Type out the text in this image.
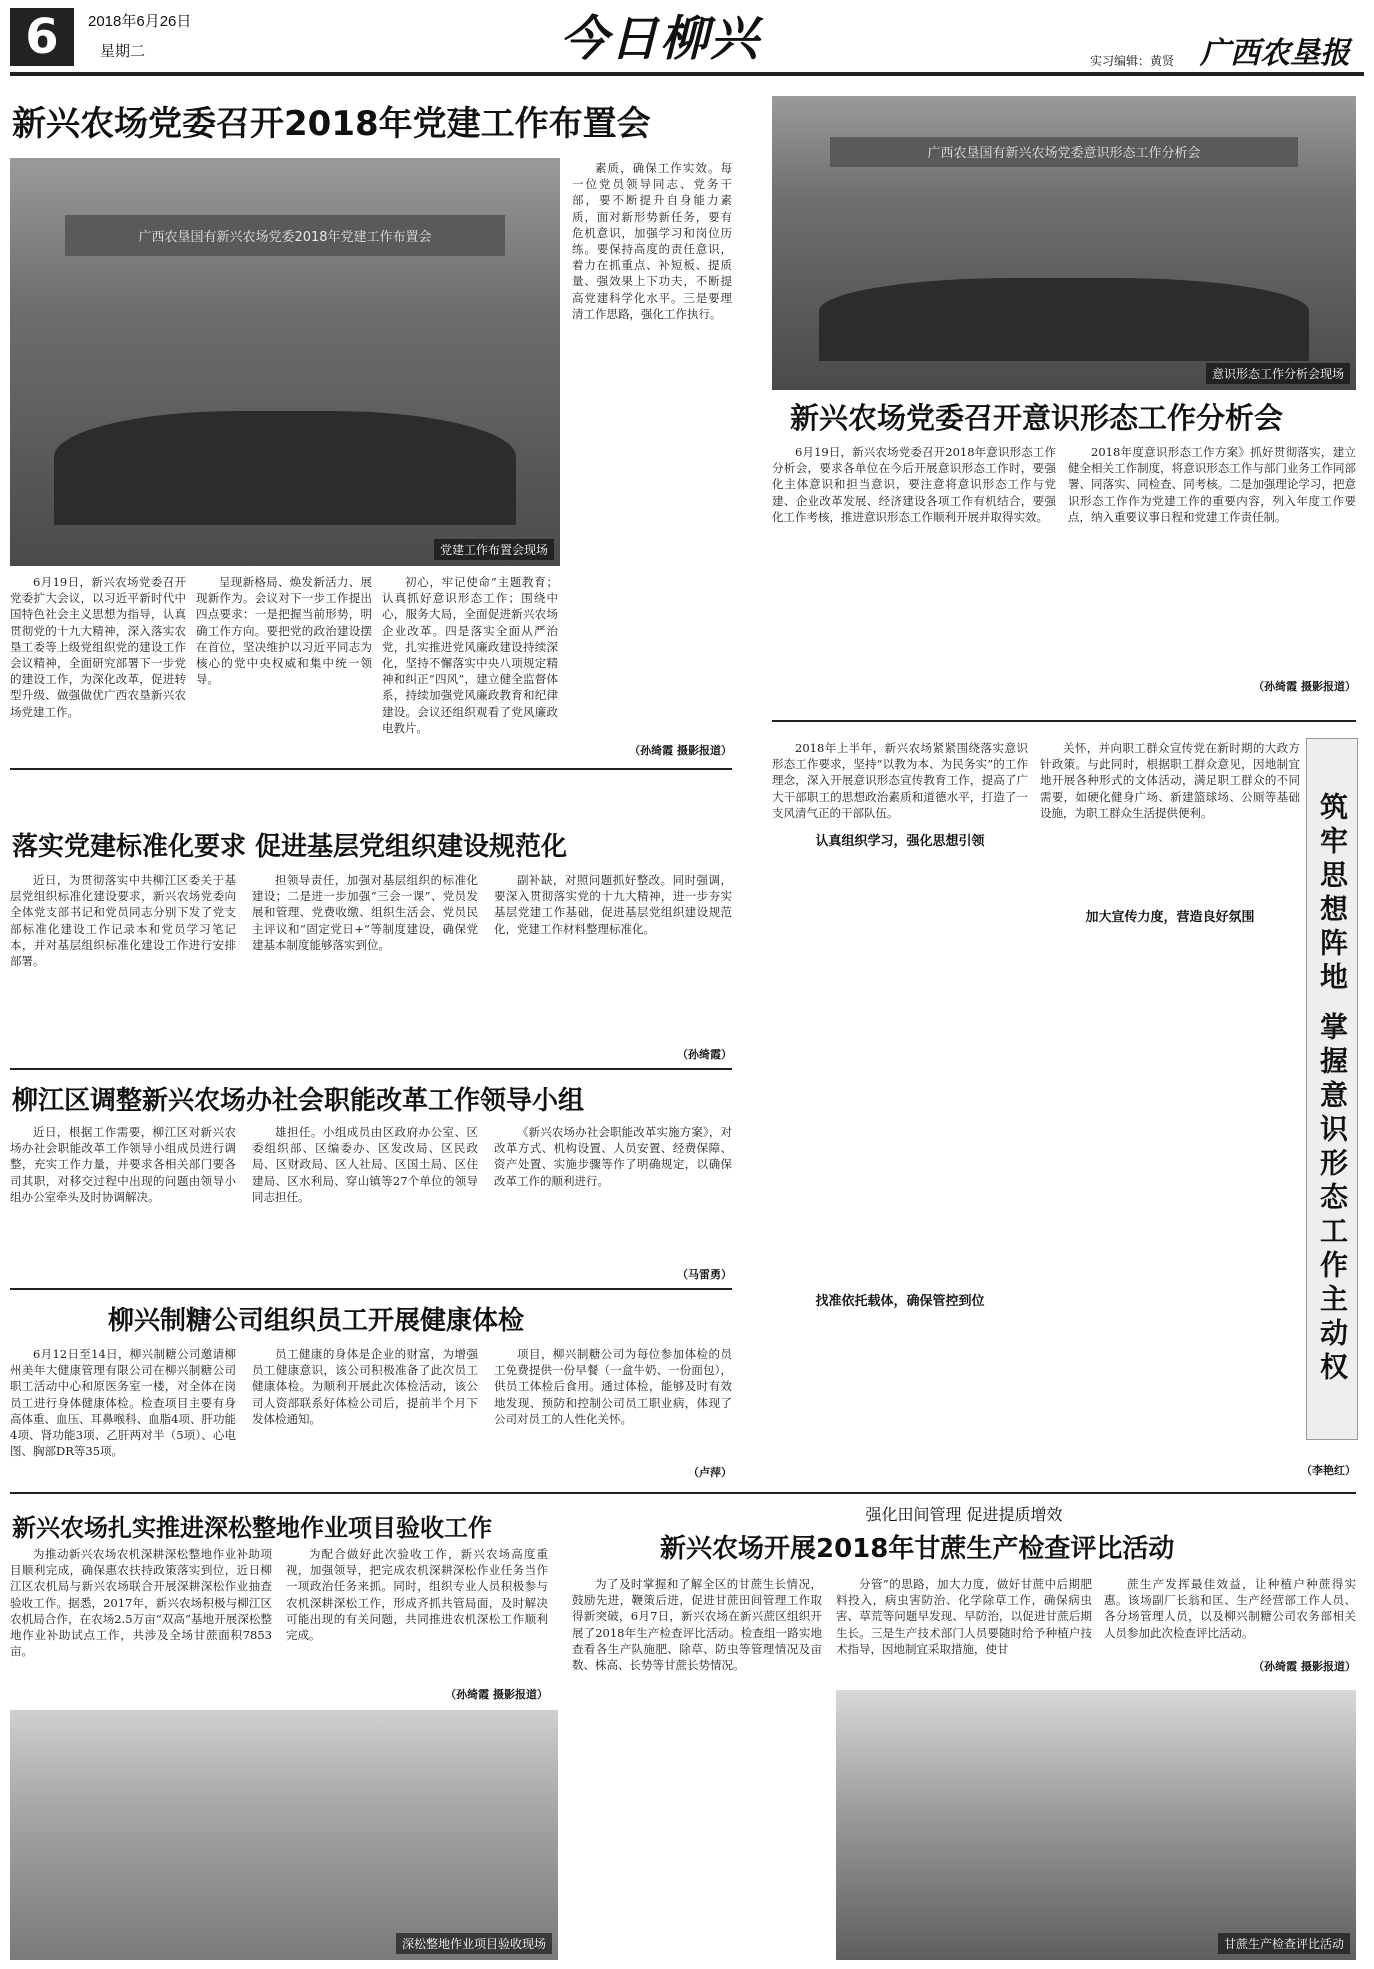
6	2018年6月26日
星期二	今日柳兴	实习编辑：黄贤 广西农垦报
新兴农场党委召开2018年党建工作布置会
广西农垦国有新兴农场党委2018年党建工作布置会
党建工作布置会现场

素质，确保工作实效。每一位党员领导同志、党务干部，要不断提升自身能力素质，面对新形势新任务，要有危机意识，加强学习和岗位历练。要保持高度的责任意识，着力在抓重点、补短板、提质量、强效果上下功夫，不断提高党建科学化水平。三是要理清工作思路，强化工作执行。

6月19日，新兴农场党委召开党委扩大会议，以习近平新时代中国特色社会主义思想为指导，认真贯彻党的十九大精神，深入落实农垦工委等上级党组织党的建设工作会议精神，全面研究部署下一步党的建设工作，为深化改革，促进转型升级、做强做优广西农垦新兴农场党建工作。

呈现新格局、焕发新活力、展现新作为。会议对下一步工作提出四点要求：一是把握当前形势，明确工作方向。要把党的政治建设摆在首位，坚决维护以习近平同志为核心的党中央权威和集中统一领导。

初心，牢记使命”主题教育；认真抓好意识形态工作；围绕中心，服务大局，全面促进新兴农场企业改革。四是落实全面从严治党，扎实推进党风廉政建设持续深化，坚持不懈落实中央八项规定精神和纠正“四风”，建立健全监督体系，持续加强党风廉政教育和纪律建设。会议还组织观看了党风廉政电教片。

（孙绮霞 摄影报道）
广西农垦国有新兴农场党委意识形态工作分析会
意识形态工作分析会现场
新兴农场党委召开意识形态工作分析会

6月19日，新兴农场党委召开2018年意识形态工作分析会，要求各单位在今后开展意识形态工作时，要强化主体意识和担当意识，要注意将意识形态工作与党建、企业改革发展、经济建设各项工作有机结合，要强化工作考核，推进意识形态工作顺利开展并取得实效。

2018年度意识形态工作方案》抓好贯彻落实，建立健全相关工作制度，将意识形态工作与部门业务工作同部署、同落实、同检查、同考核。二是加强理论学习，把意识形态工作作为党建工作的重要内容，列入年度工作要点，纳入重要议事日程和党建工作责任制。

（孙绮霞 摄影报道）
落实党建标准化要求 促进基层党组织建设规范化

近日，为贯彻落实中共柳江区委关于基层党组织标准化建设要求，新兴农场党委向全体党支部书记和党员同志分别下发了党支部标准化建设工作记录本和党员学习笔记本，并对基层组织标准化建设工作进行安排部署。

担领导责任，加强对基层组织的标准化建设；二是进一步加强“三会一课”、党员发展和管理、党费收缴、组织生活会、党员民主评议和“固定党日+”等制度建设，确保党建基本制度能够落实到位。

副补缺，对照问题抓好整改。同时强调，要深入贯彻落实党的十九大精神，进一步夯实基层党建工作基础，促进基层党组织建设规范化，党建工作材料整理标准化。

（孙绮霞）
柳江区调整新兴农场办社会职能改革工作领导小组

近日，根据工作需要，柳江区对新兴农场办社会职能改革工作领导小组成员进行调整，充实工作力量，并要求各相关部门要各司其职，对移交过程中出现的问题由领导小组办公室牵头及时协调解决。

雄担任。小组成员由区政府办公室、区委组织部、区编委办、区发改局、区民政局、区财政局、区人社局、区国土局、区住建局、区水利局、穿山镇等27个单位的领导同志担任。

《新兴农场办社会职能改革实施方案》，对改革方式、机构设置、人员安置、经费保障、资产处置、实施步骤等作了明确规定，以确保改革工作的顺利进行。

（马雷勇）
柳兴制糖公司组织员工开展健康体检

6月12日至14日，柳兴制糖公司邀请柳州美年大健康管理有限公司在柳兴制糖公司职工活动中心和原医务室一楼，对全体在岗员工进行身体健康体检。检查项目主要有身高体重、血压、耳鼻喉科、血脂4项、肝功能4项、肾功能3项、乙肝两对半（5项）、心电图、胸部DR等35项。

员工健康的身体是企业的财富，为增强员工健康意识，该公司积极准备了此次员工健康体检。为顺利开展此次体检活动，该公司人资部联系好体检公司后，提前半个月下发体检通知。

项目，柳兴制糖公司为每位参加体检的员工免费提供一份早餐（一盒牛奶、一份面包），供员工体检后食用。通过体检，能够及时有效地发现、预防和控制公司员工职业病，体现了公司对员工的人性化关怀。

（卢萍）

2018年上半年，新兴农场紧紧围绕落实意识形态工作要求，坚持“以教为本、为民务实”的工作理念，深入开展意识形态宣传教育工作，提高了广大干部职工的思想政治素质和道德水平，打造了一支风清气正的干部队伍。

认真组织学习，强化思想引领
找准依托载体，确保管控到位

关怀，并向职工群众宣传党在新时期的大政方针政策。与此同时，根据职工群众意见，因地制宜地开展各种形式的文体活动，满足职工群众的不同需要，如硬化健身广场、新建篮球场、公厕等基础设施，为职工群众生活提供便利。

加大宣传力度，营造良好氛围
（李艳红）
筑牢思想阵地 掌握意识形态工作主动权
新兴农场扎实推进深松整地作业项目验收工作

为推动新兴农场农机深耕深松整地作业补助项目顺利完成，确保惠农扶持政策落实到位，近日柳江区农机局与新兴农场联合开展深耕深松作业抽查验收工作。据悉，2017年，新兴农场积极与柳江区农机局合作，在农场2.5万亩“双高”基地开展深松整地作业补助试点工作，共涉及全场甘蔗面积7853亩。

为配合做好此次验收工作，新兴农场高度重视，加强领导，把完成农机深耕深松作业任务当作一项政治任务来抓。同时，组织专业人员积极参与农机深耕深松工作，形成齐抓共管局面，及时解决可能出现的有关问题，共同推进农机深松工作顺利完成。

（孙绮霞 摄影报道）
深松整地作业项目验收现场
强化田间管理 促进提质增效
新兴农场开展2018年甘蔗生产检查评比活动

为了及时掌握和了解全区的甘蔗生长情况，鼓励先进，鞭策后进，促进甘蔗田间管理工作取得新突破，6月7日，新兴农场在新兴蔗区组织开展了2018年生产检查评比活动。检查组一路实地查看各生产队施肥、除草、防虫等管理情况及亩数、株高、长势等甘蔗长势情况。

分管”的思路，加大力度，做好甘蔗中后期肥料投入，病虫害防治、化学除草工作，确保病虫害、草荒等问题早发现、早防治，以促进甘蔗后期生长。三是生产技术部门人员要随时给予种植户技术指导，因地制宜采取措施，使甘

蔗生产发挥最佳效益，让种植户种蔗得实惠。该场副厂长翁和匡、生产经营部工作人员、各分场管理人员，以及柳兴制糖公司农务部相关人员参加此次检查评比活动。

（孙绮霞 摄影报道）
甘蔗生产检查评比活动
